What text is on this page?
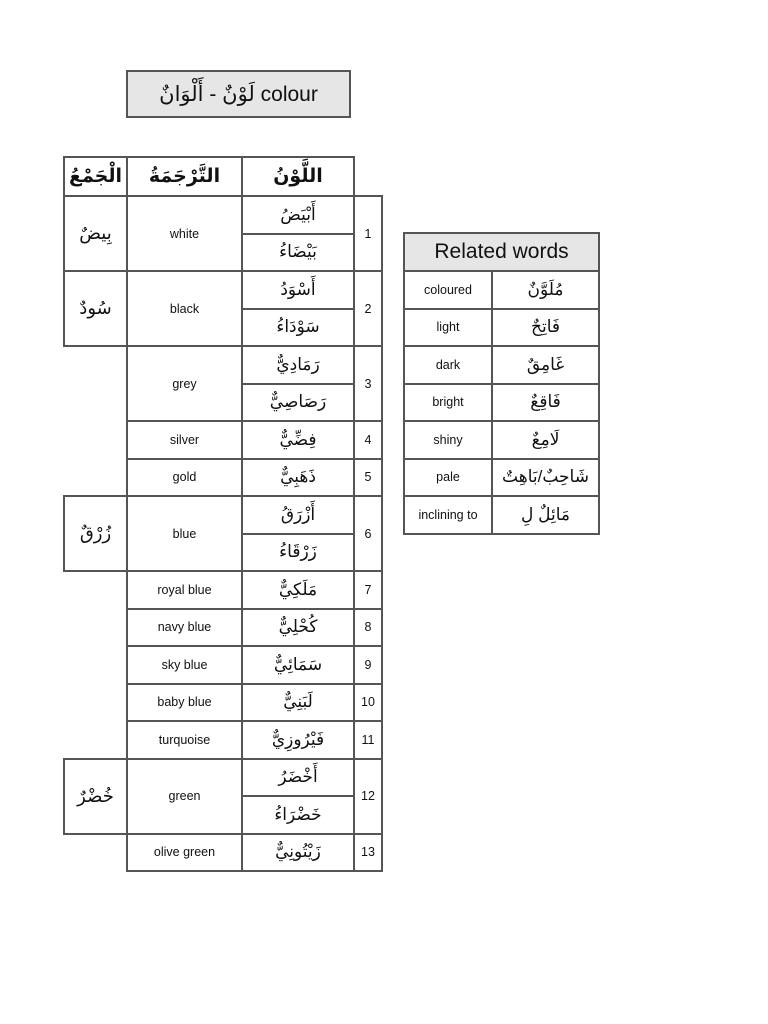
لَوْنٌ - أَلْوَانٌ colour
الْجَمْعُ	التَّرْجَمَةُ	اللَّوْنُ	
بِيضٌ	white	أَبْيَضُ	1
		بَيْضَاءُ	
سُودٌ	black	أَسْوَدُ	2
		سَوْدَاءُ	
	grey	رَمَادِيٌّ	3
		رَصَاصِيٌّ	
	silver	فِضِّيٌّ	4
	gold	ذَهَبِيٌّ	5
زُرْقٌ	blue	أَزْرَقُ	6
		زَرْقَاءُ	
	royal blue	مَلَكِيٌّ	7
	navy blue	كُحْلِيٌّ	8
	sky blue	سَمَائِيٌّ	9
	baby blue	لَبَنِيٌّ	10
	turquoise	فَيْرُوزِيٌّ	11
خُضْرٌ	green	أَخْضَرُ	12
		خَضْرَاءُ	
	olive green	زَيْتُونِيٌّ	13
Related words	
coloured	مُلَوَّنٌ
light	فَاتِحٌ
dark	غَامِقٌ
bright	فَاقِعٌ
shiny	لَامِعٌ
pale	شَاحِبٌ/بَاهِتٌ
inclining to	مَائِلٌ لِ
